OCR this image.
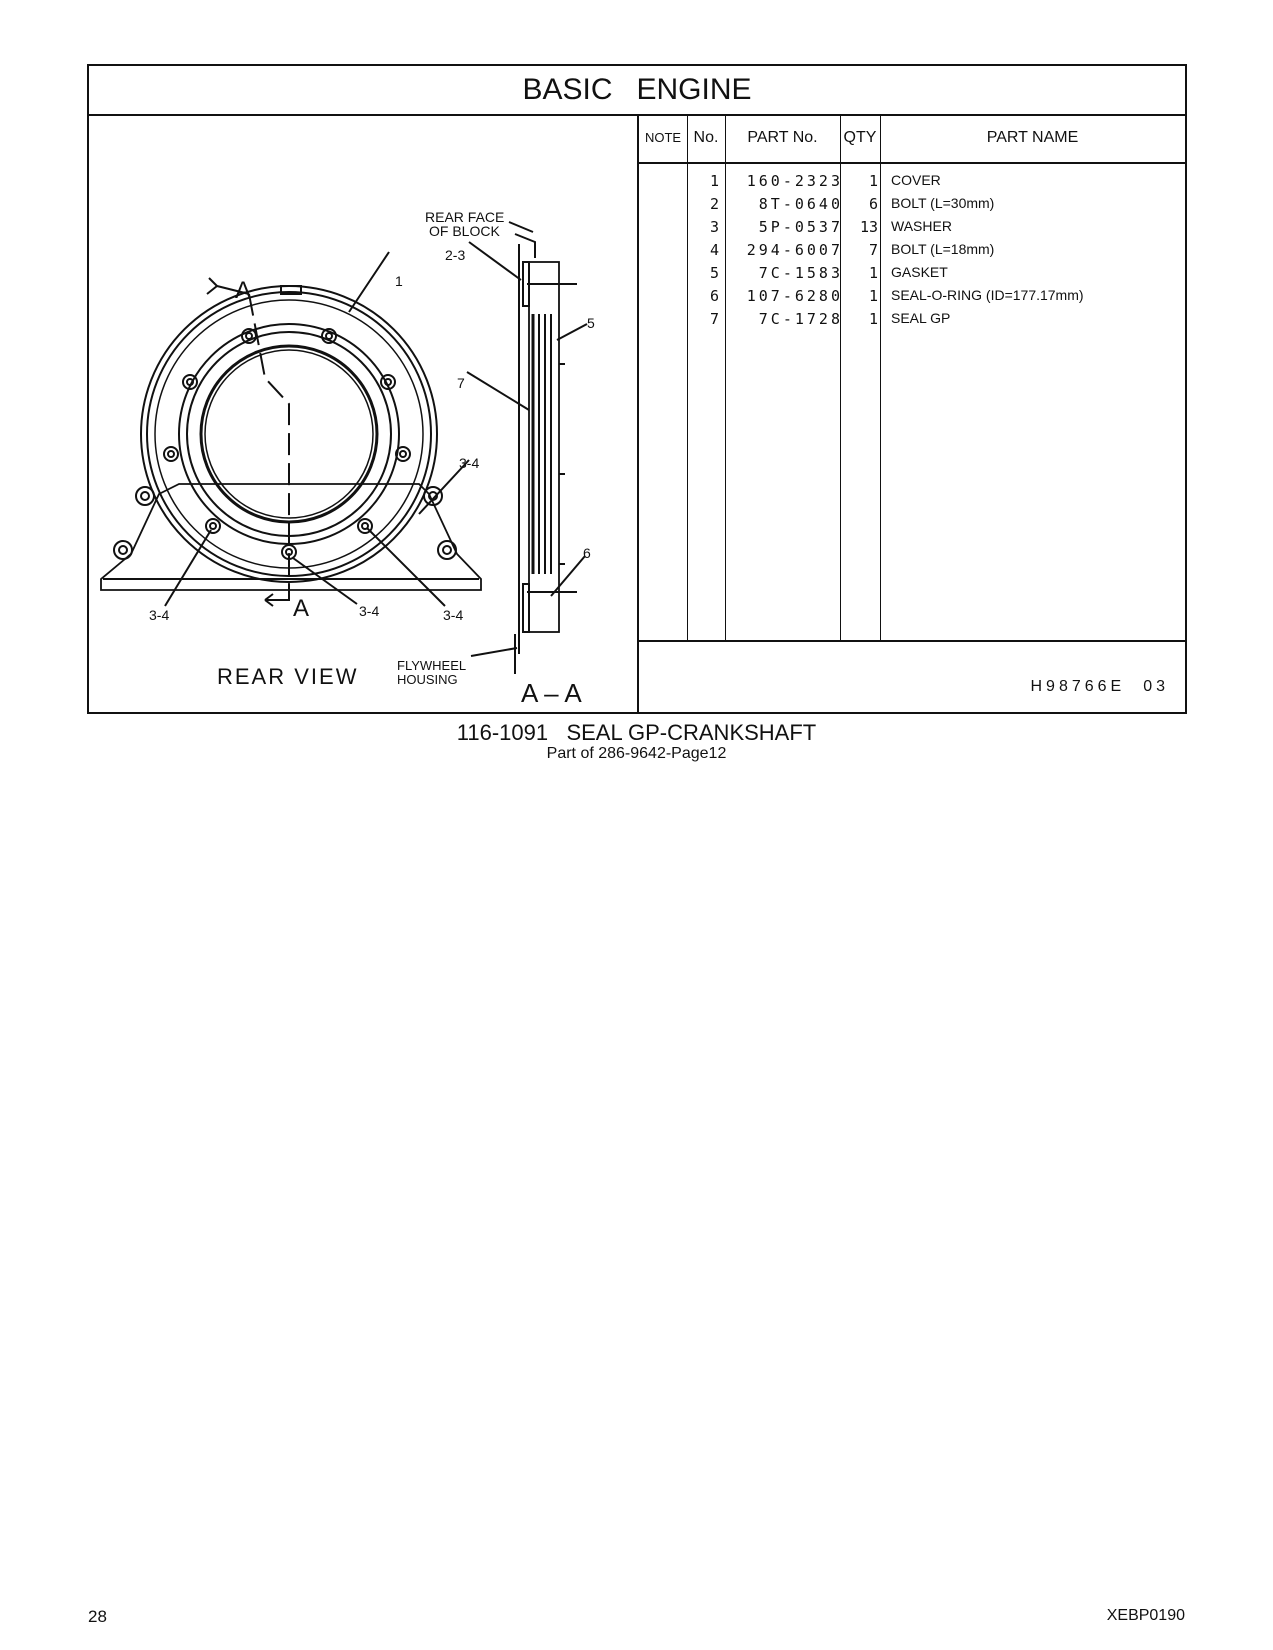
BASIC ENGINE
REAR FACE
OF BLOCK
2-3
1
5
7
3-4
6
3-4	3-4	3-4
FLYWHEEL
HOUSING
A
A
REAR VIEW
A – A
NOTE No.	PART No.	QTY	PART NAME
1	160-2323	1 COVER
2	8T-0640	6 BOLT (L=30mm)
3	5P-0537	13 WASHER
4	294-6007	7 BOLT (L=18mm)
5	7C-1583	1 GASKET
6	107-6280	1 SEAL-O-RING (ID=177.17mm)
7	7C-1728	1 SEAL GP
H98766E 03
116-1091   SEAL GP-CRANKSHAFT
Part of 286-9642-Page12
28	XEBP0190
